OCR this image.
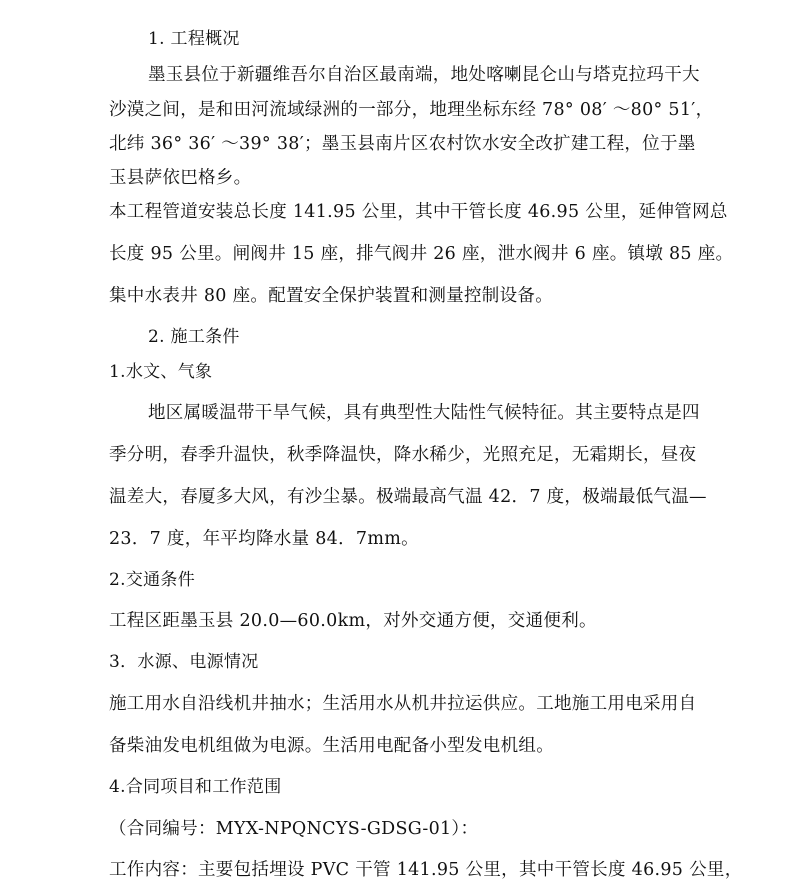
1. 工程概况
墨玉县位于新疆维吾尔自治区最南端，地处喀喇昆仑山与塔克拉玛干大
沙漠之间，是和田河流域绿洲的一部分，地理坐标东经 78° 08′ ～80° 51′，
北纬 36° 36′ ～39° 38′；墨玉县南片区农村饮水安全改扩建工程，位于墨
玉县萨依巴格乡。
本工程管道安装总长度 141.95 公里，其中干管长度 46.95 公里，延伸管网总
长度 95 公里。闸阀井 15 座，排气阀井 26 座，泄水阀井 6 座。镇墩 85 座。
集中水表井 80 座。配置安全保护装置和测量控制设备。
2. 施工条件
1.水文、气象
地区属暖温带干旱气候，具有典型性大陆性气候特征。其主要特点是四
季分明，春季升温快，秋季降温快，降水稀少，光照充足，无霜期长，昼夜
温差大，春厦多大风，有沙尘暴。极端最高气温 42．7 度，极端最低气温—
23．7 度，年平均降水量 84．7mm。
2.交通条件
工程区距墨玉县 20.0—60.0km，对外交通方便，交通便利。
3．水源、电源情况
施工用水自沿线机井抽水；生活用水从机井拉运供应。工地施工用电采用自
备柴油发电机组做为电源。生活用电配备小型发电机组。
4.合同项目和工作范围
（合同编号：MYX-NPQNCYS-GDSG-01）：
工作内容：主要包括埋设 PVC 干管 141.95 公里，其中干管长度 46.95 公里，
